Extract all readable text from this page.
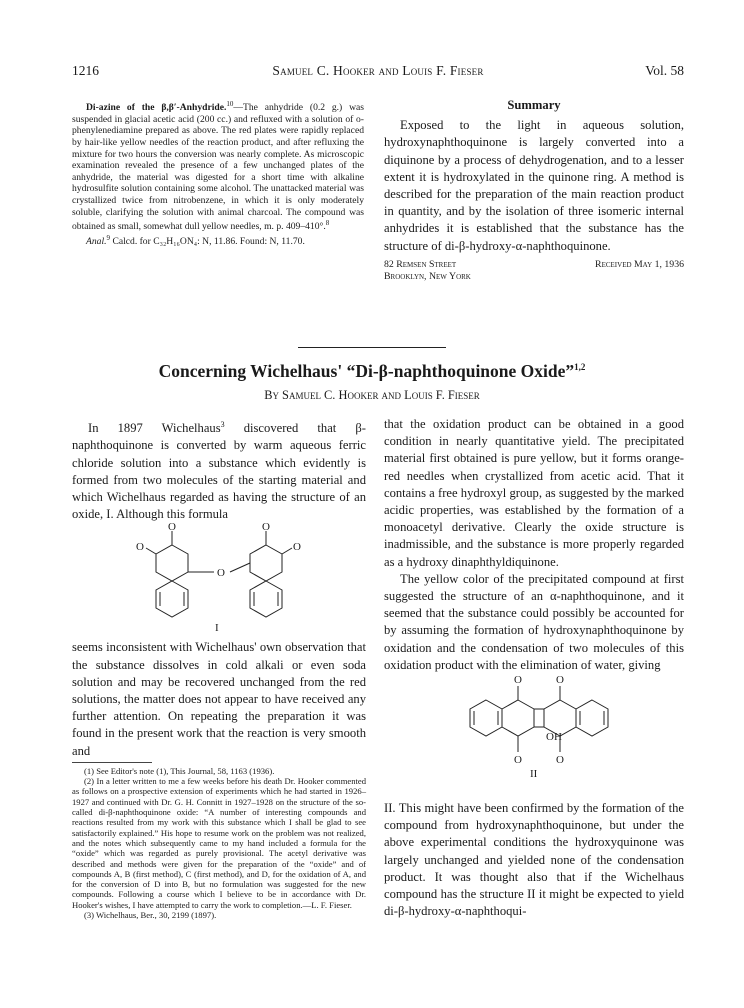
1216	Samuel C. Hooker and Louis F. Fieser	Vol. 58

Di-azine of the β,β′-Anhydride.$^{10}$—The anhydride (0.2 g.) was suspended in glacial acetic acid (200 cc.) and refluxed with a solution of o-phenylenediamine prepared as above. The red plates were rapidly replaced by hair-like yellow needles of the reaction product, and after refluxing the mixture for two hours the conversion was nearly complete. As microscopic examination revealed the presence of a few unchanged plates of the anhydride, the material was digested for a short time with alkaline hydrosulfite solution containing some alcohol. The unattacked material was crystallized twice from nitrobenzene, in which it is only moderately soluble, clarifying the solution with animal charcoal. The compound was obtained as small, somewhat dull yellow needles, m. p. 409–410°.$^8$

Anal.$^9$ Calcd. for C₃₂H₁₆ON₄: N, 11.86. Found: N, 11.70.

Summary

Exposed to the light in aqueous solution, hydroxynaphthoquinone is largely converted into a diquinone by a process of dehydrogenation, and to a lesser extent it is hydroxylated in the quinone ring. A method is described for the preparation of the main reaction product in quantity, and by the isolation of three isomeric internal anhydrides it is established that the substance has the structure of di-β-hydroxy-α-naphthoquinone.

82 Remsen Street
Brooklyn, New York
Received May 1, 1936
Concerning Wichelhaus' “Di-β-naphthoquinone Oxide”$^{1,2}$
By Samuel C. Hooker and Louis F. Fieser

In 1897 Wichelhaus$^3$ discovered that β-naphthoquinone is converted by warm aqueous ferric chloride solution into a substance which evidently is formed from two molecules of the starting material and which Wichelhaus regarded as having the structure of an oxide, I. Although this formula

O
O
O
O
O
I

seems inconsistent with Wichelhaus' own observation that the substance dissolves in cold alkali or even soda solution and may be recovered unchanged from the red solutions, the matter does not appear to have received any further attention. On repeating the preparation it was found in the present work that the reaction is very smooth and

(1) See Editor's note (1), This Journal, 58, 1163 (1936).

(2) In a letter written to me a few weeks before his death Dr. Hooker commented as follows on a prospective extension of experiments which he had started in 1926–1927 and continued with Dr. G. H. Connitt in 1927–1928 on the structure of the so-called di-β-naphthoquinone oxide: “A number of interesting compounds and reactions resulted from my work with this substance which I shall be glad to see satisfactorily explained.” His hope to resume work on the problem was not realized, and the notes which subsequently came to my hand included a formula for the “oxide” which was regarded as purely provisional. The acetyl derivative was described and methods were given for the preparation of the “oxide” and of compounds A, B (first method), C (first method), and D, for the oxidation of A, and for the conversion of D into B, but no formulation was suggested for the new compounds. Following a course which I believe to be in accordance with Dr. Hooker's wishes, I have attempted to carry the work to completion.—L. F. Fieser.

(3) Wichelhaus, Ber., 30, 2199 (1897).

that the oxidation product can be obtained in a good condition in nearly quantitative yield. The precipitated material first obtained is pure yellow, but it forms orange-red needles when crystallized from acetic acid. That it contains a free hydroxyl group, as suggested by the marked acidic properties, was established by the formation of a monoacetyl derivative. Clearly the oxide structure is inadmissible, and the substance is more properly regarded as a hydroxy dinaphthyldiquinone.

The yellow color of the precipitated compound at first suggested the structure of an α-naphthoquinone, and it seemed that the substance could possibly be accounted for by assuming the formation of hydroxynaphthoquinone by oxidation and the condensation of two molecules of this oxidation product with the elimination of water, giving

O	O
OH
O	O
II

II. This might have been confirmed by the formation of the compound from hydroxynaphthoquinone, but under the above experimental conditions the hydroxyquinone was largely unchanged and yielded none of the condensation product. It was thought also that if the Wichelhaus compound has the structure II it might be expected to yield di-β-hydroxy-α-naphthoqui-
